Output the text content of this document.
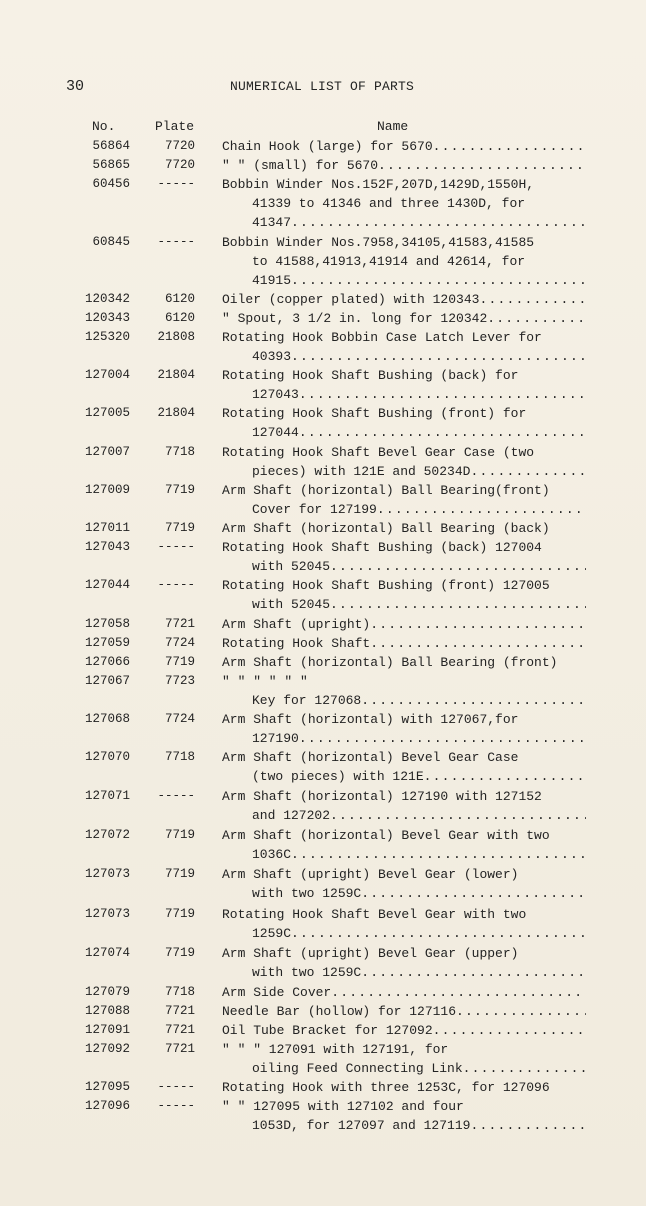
30	NUMERICAL LIST OF PARTS
No.	Plate	Name
56864	7720 Chain Hook (large) for 5670 .....
56865	7720 " " (small) for 5670 .....
60456	----- Bobbin Winder Nos.152F,207D,1429D,1550H,
41339 to 41346 and three 1430D, for
41347 .....
60845	----- Bobbin Winder Nos.7958,34105,41583,41585
to 41588,41913,41914 and 42614, for
41915 .....
120342	6120 Oiler (copper plated) with 120343 .....
120343	6120 " Spout, 3 1/2 in. long for 120342 .....
125320	21808 Rotating Hook Bobbin Case Latch Lever for
40393 .....
127004	21804 Rotating Hook Shaft Bushing (back) for
127043 .....
127005	21804 Rotating Hook Shaft Bushing (front) for
127044 .....
127007	7718 Rotating Hook Shaft Bevel Gear Case (two
pieces) with 121E and 50234D .....
127009	7719 Arm Shaft (horizontal) Ball Bearing(front)
Cover for 127199 .....
127011	7719 Arm Shaft (horizontal) Ball Bearing (back)
127043	----- Rotating Hook Shaft Bushing (back) 127004
with 52045 .....
127044	----- Rotating Hook Shaft Bushing (front) 127005
with 52045 .....
127058	7721 Arm Shaft (upright) .....
127059	7724 Rotating Hook Shaft .....
127066	7719 Arm Shaft (horizontal) Ball Bearing (front)
127067	7723 " " " " " "
Key for 127068 .....
127068	7724 Arm Shaft (horizontal) with 127067,for
127190 .....
127070	7718 Arm Shaft (horizontal) Bevel Gear Case
(two pieces) with 121E .....
127071	----- Arm Shaft (horizontal) 127190 with 127152
and 127202 .....
127072	7719 Arm Shaft (horizontal) Bevel Gear with two
1036C .....
127073	7719 Arm Shaft (upright) Bevel Gear (lower)
with two 1259C .....
127073	7719 Rotating Hook Shaft Bevel Gear with two
1259C .....
127074	7719 Arm Shaft (upright) Bevel Gear (upper)
with two 1259C .....
127079	7718 Arm Side Cover .....
127088	7721 Needle Bar (hollow) for 127116 .....
127091	7721 Oil Tube Bracket for 127092 .....
127092	7721 " " " 127091 with 127191, for
oiling Feed Connecting Link .....
127095	----- Rotating Hook with three 1253C, for 127096
127096	----- " " 127095 with 127102 and four
1053D, for 127097 and 127119 .....
